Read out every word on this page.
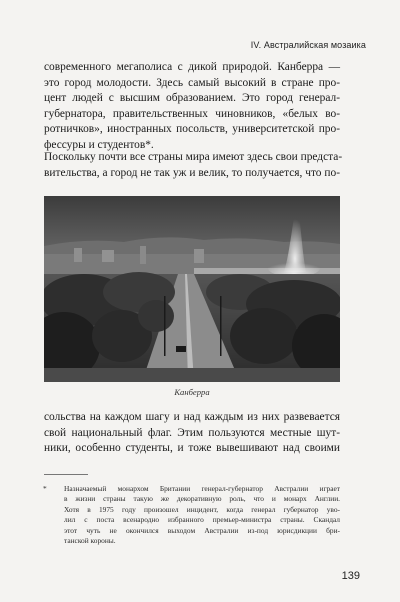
IV. Австралийская мозаика

современного мегаполиса с дикой природой. Канберра —
это город молодости. Здесь самый высокий в стране про-
цент людей с высшим образованием. Это город генерал-
губернатора, правительственных чиновников, «белых во-
ротничков», иностранных посольств, университетской про-
фессуры и студентов*.

Поскольку почти все страны мира имеют здесь свои предста-
вительства, а город не так уж и велик, то получается, что по-

Канберра

сольства на каждом шагу и над каждым из них развевается
свой национальный флаг. Этим пользуются местные шут-
ники, особенно студенты, и тоже вывешивают над своими

* Назначаемый монархом Британии генерал-губернатор Австралии играет
в жизни страны такую же декоративную роль, что и монарх Англии.
Хотя в 1975 году произошел инцидент, когда генерал губернатор уво-
лил с поста всенародно избранного премьер-министра страны. Скандал
этот чуть не окончился выходом Австралии из-под юрисдикции бри-
танской короны.
139
